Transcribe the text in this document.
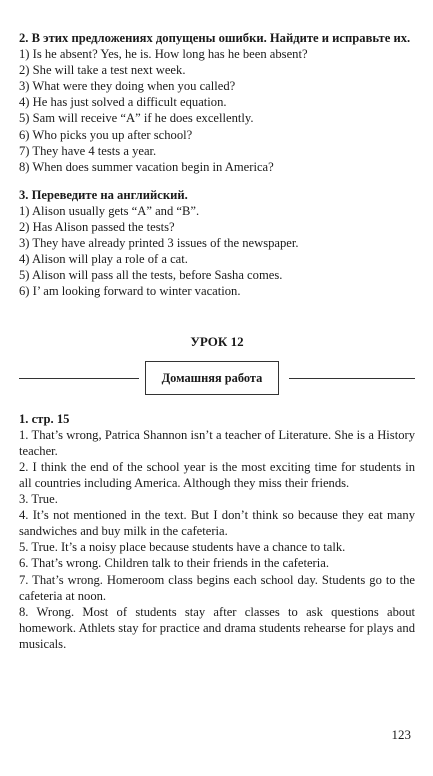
2. В этих предложениях допущены ошибки. Найдите и исправьте их.
1) Is he absent? Yes, he is. How long has he been absent?
2) She will take a test next week.
3) What were they doing when you called?
4) He has just solved a difficult equation.
5) Sam will receive “A” if he does excellently.
6) Who picks you up after school?
7) They have 4 tests a year.
8) When does summer vacation begin in America?
3. Переведите на английский.
1) Alison usually gets “A” and “B”.
2) Has Alison passed the tests?
3) They have already printed 3 issues of the newspaper.
4) Alison will play a role of a cat.
5) Alison will pass all the tests, before Sasha comes.
6) I’ am looking forward to winter vacation.
УРОК 12
Домашняя работа
1. стр. 15
1. That’s wrong, Patrica Shannon isn’t a teacher of Literature. She is a History teacher.
2. I think the end of the school year is the most exciting time for students in all countries including America. Although they miss their friends.
3. True.
4. It’s not mentioned in the text. But I don’t think so because they eat many sandwiches and buy milk in the cafeteria.
5. True. It’s a noisy place because students have a chance to talk.
6. That’s wrong. Children talk to their friends in the cafeteria.
7. That’s wrong. Homeroom class begins each school day. Students go to the cafeteria at noon.
8. Wrong. Most of students stay after classes to ask questions about homework. Athlets stay for practice and drama students rehearse for plays and musicals.
123
